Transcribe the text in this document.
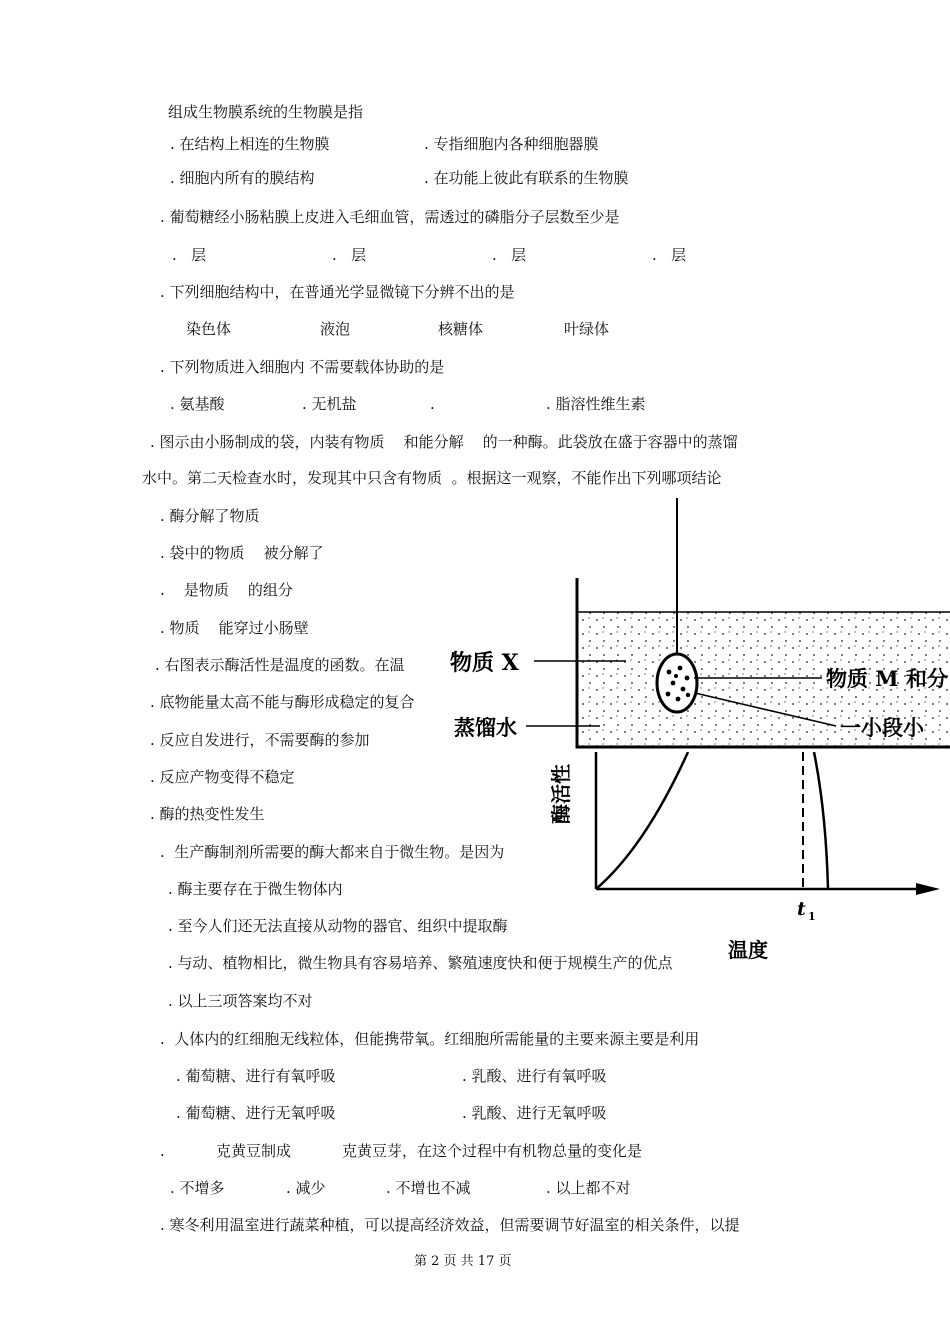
组成生物膜系统的生物膜是指
. 在结构上相连的生物膜	. 专指细胞内各种细胞器膜
. 细胞内所有的膜结构	. 在功能上彼此有联系的生物膜
. 葡萄糖经小肠粘膜上皮进入毛细血管，需透过的磷脂分子层数至少是
.   层	.   层	.   层	.   层
. 下列细胞结构中，在普通光学显微镜下分辨不出的是
染色体	液泡	核糖体	叶绿体
. 下列物质进入细胞内 不需要载体协助的是
. 氨基酸	. 无机盐	.	. 脂溶性维生素
. 图示由小肠制成的袋，内装有物质    和能分解    的一种酶。此袋放在盛于容器中的蒸馏
水中。第二天检查水时，发现其中只含有物质  。根据这一观察，不能作出下列哪项结论
. 酶分解了物质
. 袋中的物质    被分解了
.    是物质    的组分
. 物质    能穿过小肠壁
. 右图表示酶活性是温度的函数。在温
. 底物能量太高不能与酶形成稳定的复合
. 反应自发进行，不需要酶的参加
. 反应产物变得不稳定
. 酶的热变性发生
.  生产酶制剂所需要的酶大都来自于微生物。是因为
. 酶主要存在于微生物体内
. 至今人们还无法直接从动物的器官、组织中提取酶
. 与动、植物相比，微生物具有容易培养、繁殖速度快和便于规模生产的优点
. 以上三项答案均不对
.  人体内的红细胞无线粒体，但能携带氧。红细胞所需能量的主要来源主要是利用
. 葡萄糖、进行有氧呼吸	. 乳酸、进行有氧呼吸
. 葡萄糖、进行无氧呼吸	. 乳酸、进行无氧呼吸
.	克黄豆制成	克黄豆芽，在这个过程中有机物总量的变化是
. 不增多	. 减少	. 不增也不减	. 以上都不对
. 寒冬利用温室进行蔬菜种植，可以提高经济效益，但需要调节好温室的相关条件，以提
物质 X
蒸馏水
物质 M 和分
一小段小
酶活性
t 1
温度
第 2 页 共 17 页
